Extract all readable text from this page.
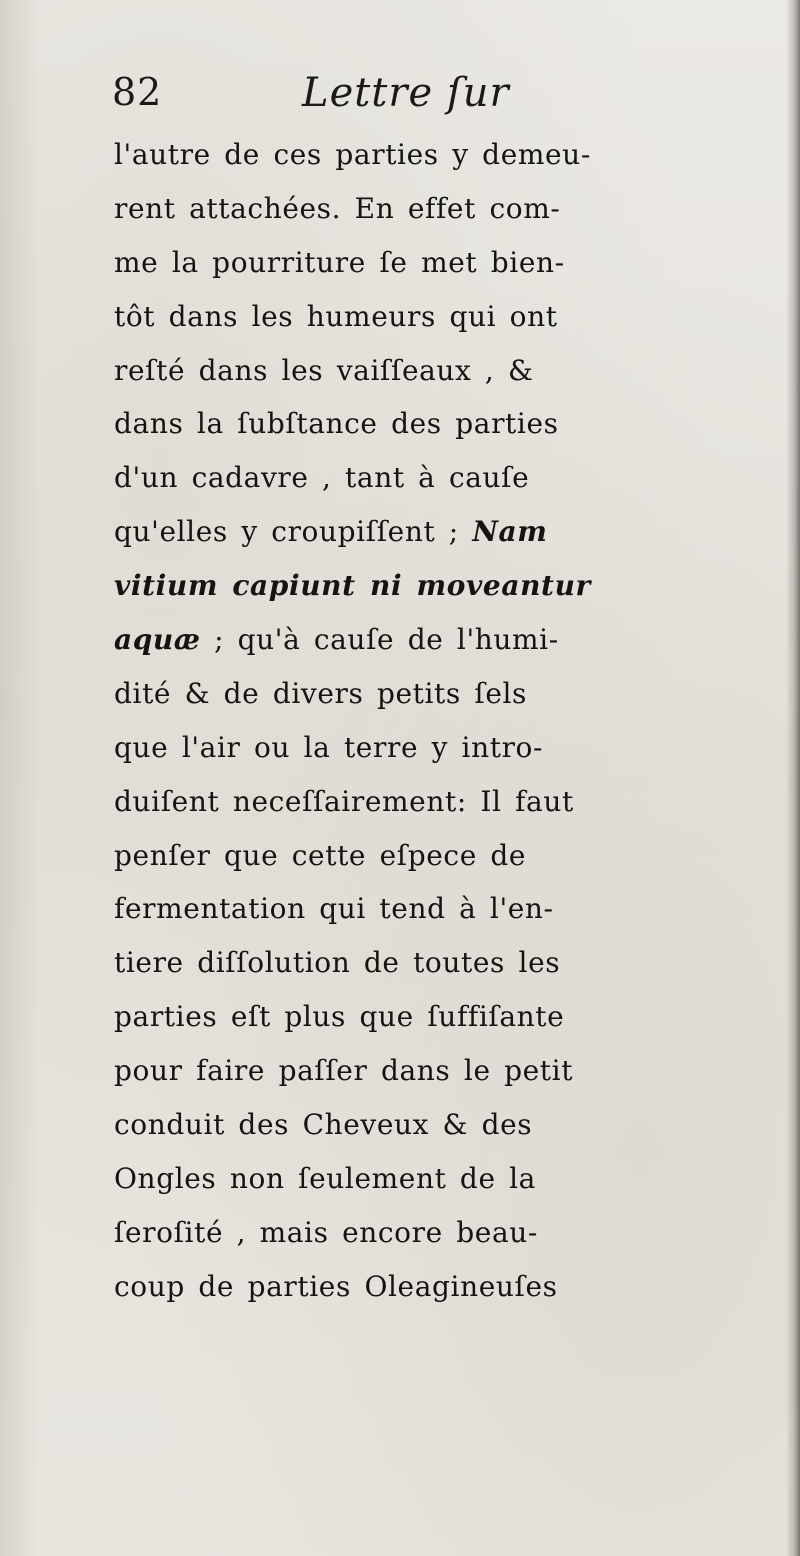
82	Lettre ſur
l'autre de ces parties y demeu-
rent attachées. En effet com-
me la pourriture ſe met bien-
tôt dans les humeurs qui ont
reſté dans les vaiſſeaux , &
dans la ſubſtance des parties
d'un cadavre , tant à cauſe
qu'elles y croupiſſent ; Nam
vitium capiunt ni moveantur
aquæ ; qu'à cauſe de l'humi-
dité & de divers petits ſels
que l'air ou la terre y intro-
duiſent neceſſairement: Il faut
penſer que cette eſpece de
fermentation qui tend à l'en-
tiere diſſolution de toutes les
parties eſt plus que ſuffiſante
pour faire paſſer dans le petit
conduit des Cheveux & des
Ongles non ſeulement de la
ſeroſité , mais encore beau-
coup de parties Oleagineuſes
